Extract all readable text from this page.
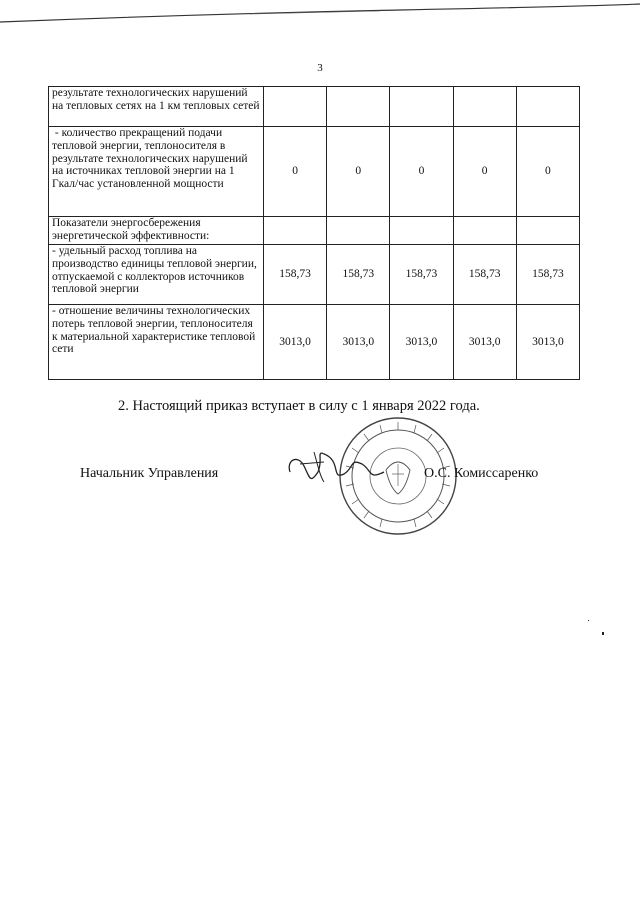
3
результате технологических нарушений на тепловых сетях на 1 км тепловых сетей					
- количество прекращений подачи тепловой энергии, теплоносителя в результате технологических нарушений на источниках тепловой энергии на 1 Гкал/час установленной мощности	0	0	0	0	0
Показатели энергосбережения энергетической эффективности:					
- удельный расход топлива на производство единицы тепловой энергии, отпускаемой с коллекторов источников тепловой энергии	158,73	158,73	158,73	158,73	158,73
- отношение величины технологических потерь тепловой энергии, теплоносителя к материальной характеристике тепловой сети	3013,0	3013,0	3013,0	3013,0	3013,0
2. Настоящий приказ вступает в силу с 1 января 2022 года.
Начальник Управления	О.С. Комиссаренко
